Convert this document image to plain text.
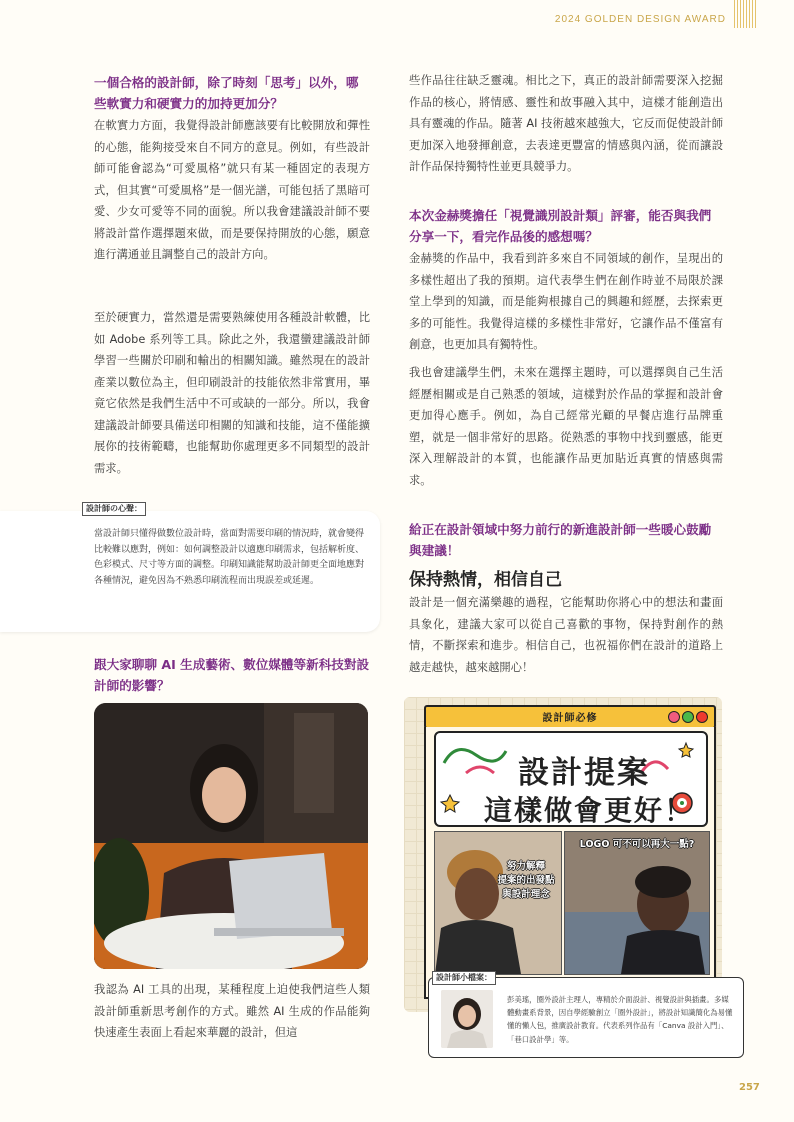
2024 GOLDEN DESIGN AWARD
一個合格的設計師，除了時刻「思考」以外，哪些軟實力和硬實力的加持更加分？
在軟實力方面，我覺得設計師應該要有比較開放和彈性的心態，能夠接受來自不同方的意見。例如，有些設計師可能會認為“可愛風格”就只有某一種固定的表現方式，但其實“可愛風格”是一個光譜，可能包括了黑暗可愛、少女可愛等不同的面貌。所以我會建議設計師不要將設計當作選擇題來做，而是要保持開放的心態，願意進行溝通並且調整自己的設計方向。
至於硬實力，當然還是需要熟練使用各種設計軟體，比如 Adobe 系列等工具。除此之外，我還蠻建議設計師學習一些關於印刷和輸出的相關知識。雖然現在的設計產業以數位為主，但印刷設計的技能依然非常實用，畢竟它依然是我們生活中不可或缺的一部分。所以，我會建議設計師要具備送印相關的知識和技能，這不僅能擴展你的技術範疇，也能幫助你處理更多不同類型的設計需求。
設計師の心聲：
當設計師只懂得做數位設計時，當面對需要印刷的情況時，就會變得比較難以應對，例如：如何調整設計以適應印刷需求，包括解析度、色彩模式、尺寸等方面的調整。印刷知識能幫助設計師更全面地應對各種情況，避免因為不熟悉印刷流程而出現誤差或延遲。
跟大家聊聊 AI 生成藝術、數位媒體等新科技對設計師的影響？
我認為 AI 工具的出現，某種程度上迫使我們這些人類設計師重新思考創作的方式。雖然 AI 生成的作品能夠快速產生表面上看起來華麗的設計，但這
些作品往往缺乏靈魂。相比之下，真正的設計師需要深入挖掘作品的核心，將情感、靈性和故事融入其中，這樣才能創造出具有靈魂的作品。隨著 AI 技術越來越強大，它反而促使設計師更加深入地發揮創意，去表達更豐富的情感與內涵，從而讓設計作品保持獨特性並更具競爭力。
本次金赫獎擔任「視覺識別設計類」評審，能否與我們分享一下，看完作品後的感想嗎？
金赫獎的作品中，我看到許多來自不同領域的創作，呈現出的多樣性超出了我的預期。這代表學生們在創作時並不局限於課堂上學到的知識，而是能夠根據自己的興趣和經歷，去探索更多的可能性。我覺得這樣的多樣性非常好，它讓作品不僅富有創意，也更加具有獨特性。
我也會建議學生們，未來在選擇主題時，可以選擇與自己生活經歷相關或是自己熟悉的領域，這樣對於作品的掌握和設計會更加得心應手。例如，為自己經常光顧的早餐店進行品牌重塑，就是一個非常好的思路。從熟悉的事物中找到靈感，能更深入理解設計的本質，也能讓作品更加貼近真實的情感與需求。
給正在設計領域中努力前行的新進設計師一些暖心鼓勵與建議！
保持熱情，相信自己
設計是一個充滿樂趣的過程，它能幫助你將心中的想法和畫面具象化，建議大家可以從自己喜歡的事物，保持對創作的熱情，不斷探索和進步。相信自己，也祝福你們在設計的道路上越走越快，越來越開心！
設計師必修
設計提案
這樣做會更好！
努力解釋
提案的出發點
與設計理念
LOGO 可不可以再大一點?
設計師小檔案：
彭美瑤，圈外設計主理人，專精於介面設計、視覺設計與插畫。多媒體動畫系背景，因自學經驗創立「圈外設計」，將設計知識簡化為易懂懂的懶人包，推廣設計教育。代表系列作品有「Canva 設計入門」、「巷口設計學」等。
257
